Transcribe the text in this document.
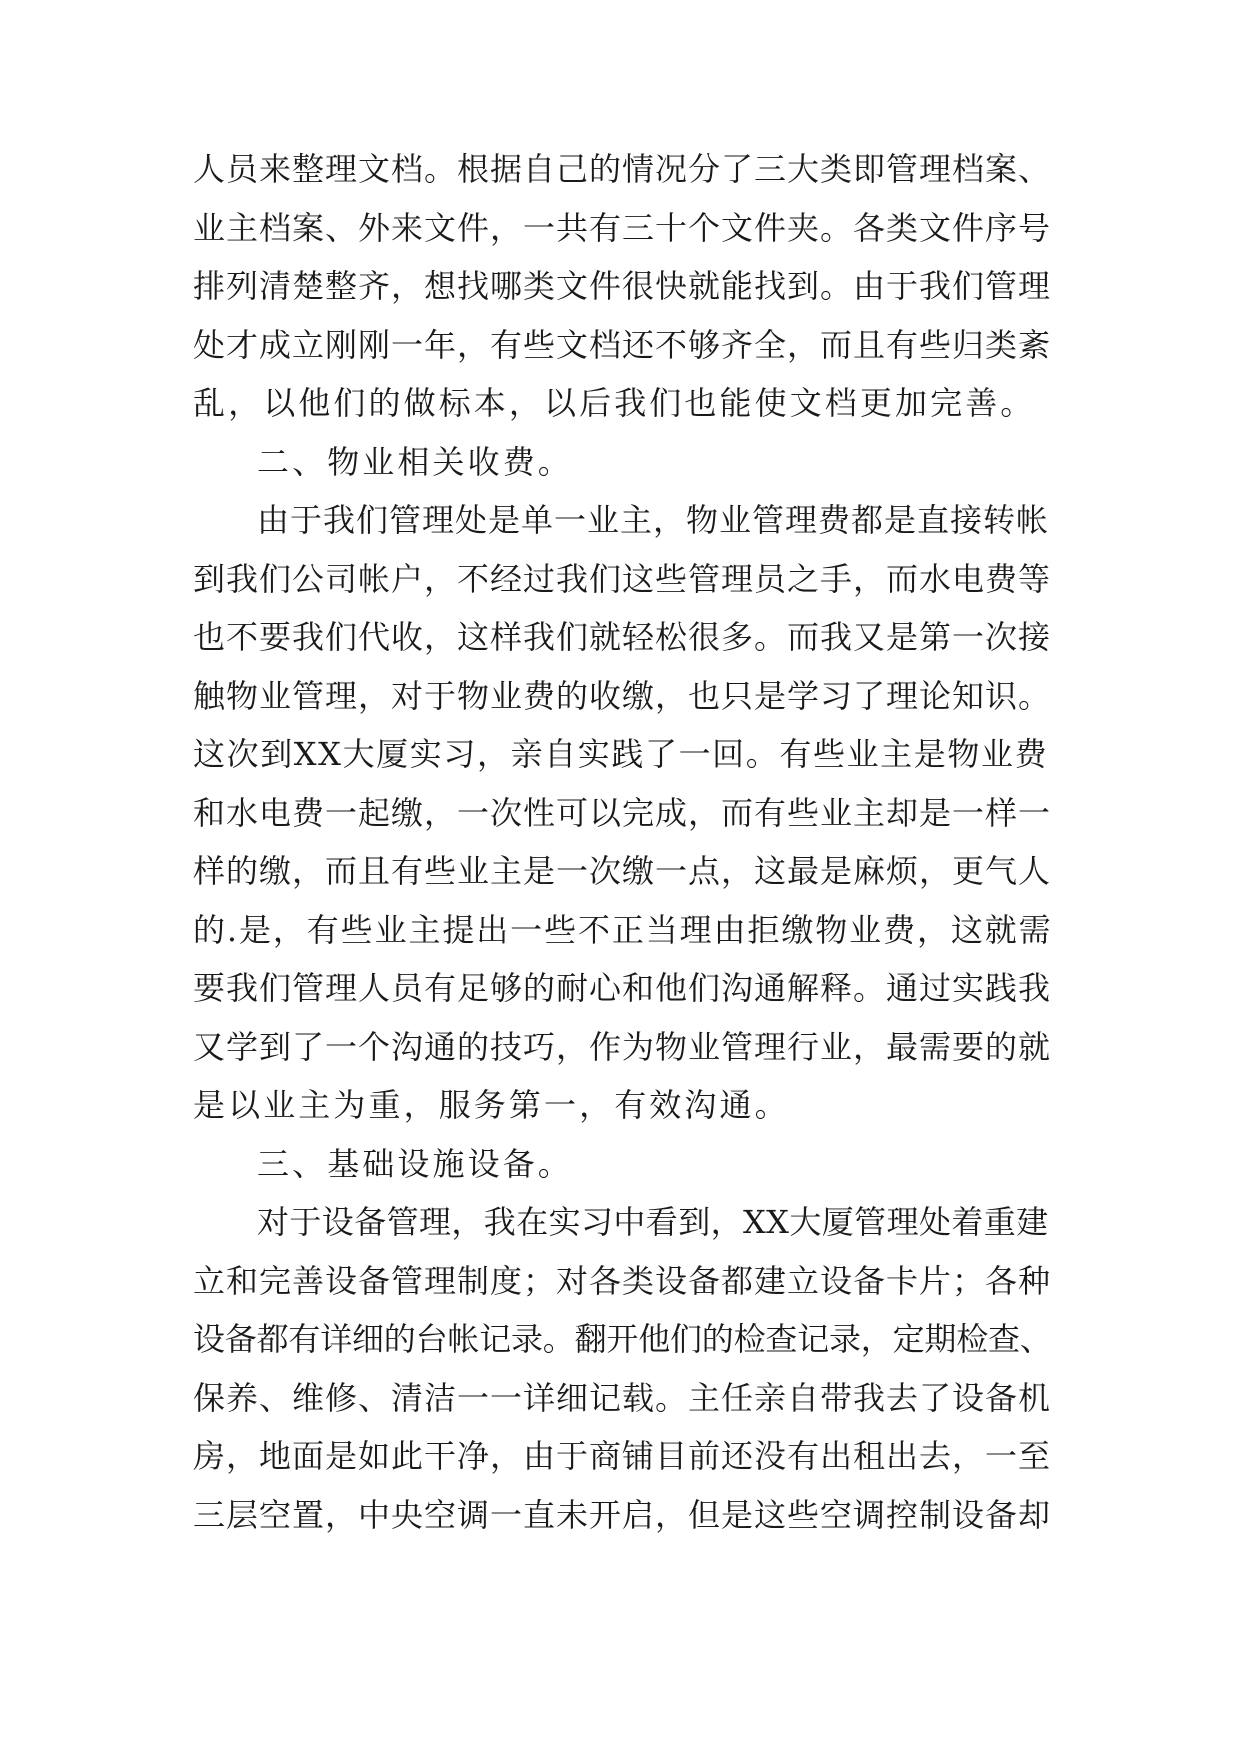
人员来整理文档。根据自己的情况分了三大类即管理档案、
业主档案、外来文件，一共有三十个文件夹。各类文件序号
排列清楚整齐，想找哪类文件很快就能找到。由于我们管理
处才成立刚刚一年，有些文档还不够齐全，而且有些归类紊
乱，以他们的做标本，以后我们也能使文档更加完善。
二、物业相关收费。
由于我们管理处是单一业主，物业管理费都是直接转帐
到我们公司帐户，不经过我们这些管理员之手，而水电费等
也不要我们代收，这样我们就轻松很多。而我又是第一次接
触物业管理，对于物业费的收缴，也只是学习了理论知识。
这次到XX大厦实习，亲自实践了一回。有些业主是物业费
和水电费一起缴，一次性可以完成，而有些业主却是一样一
样的缴，而且有些业主是一次缴一点，这最是麻烦，更气人
的.是，有些业主提出一些不正当理由拒缴物业费，这就需
要我们管理人员有足够的耐心和他们沟通解释。通过实践我
又学到了一个沟通的技巧，作为物业管理行业，最需要的就
是以业主为重，服务第一，有效沟通。
三、基础设施设备。
对于设备管理，我在实习中看到，XX大厦管理处着重建
立和完善设备管理制度；对各类设备都建立设备卡片；各种
设备都有详细的台帐记录。翻开他们的检查记录，定期检查、
保养、维修、清洁一一详细记载。主任亲自带我去了设备机
房，地面是如此干净，由于商铺目前还没有出租出去，一至
三层空置，中央空调一直未开启，但是这些空调控制设备却
